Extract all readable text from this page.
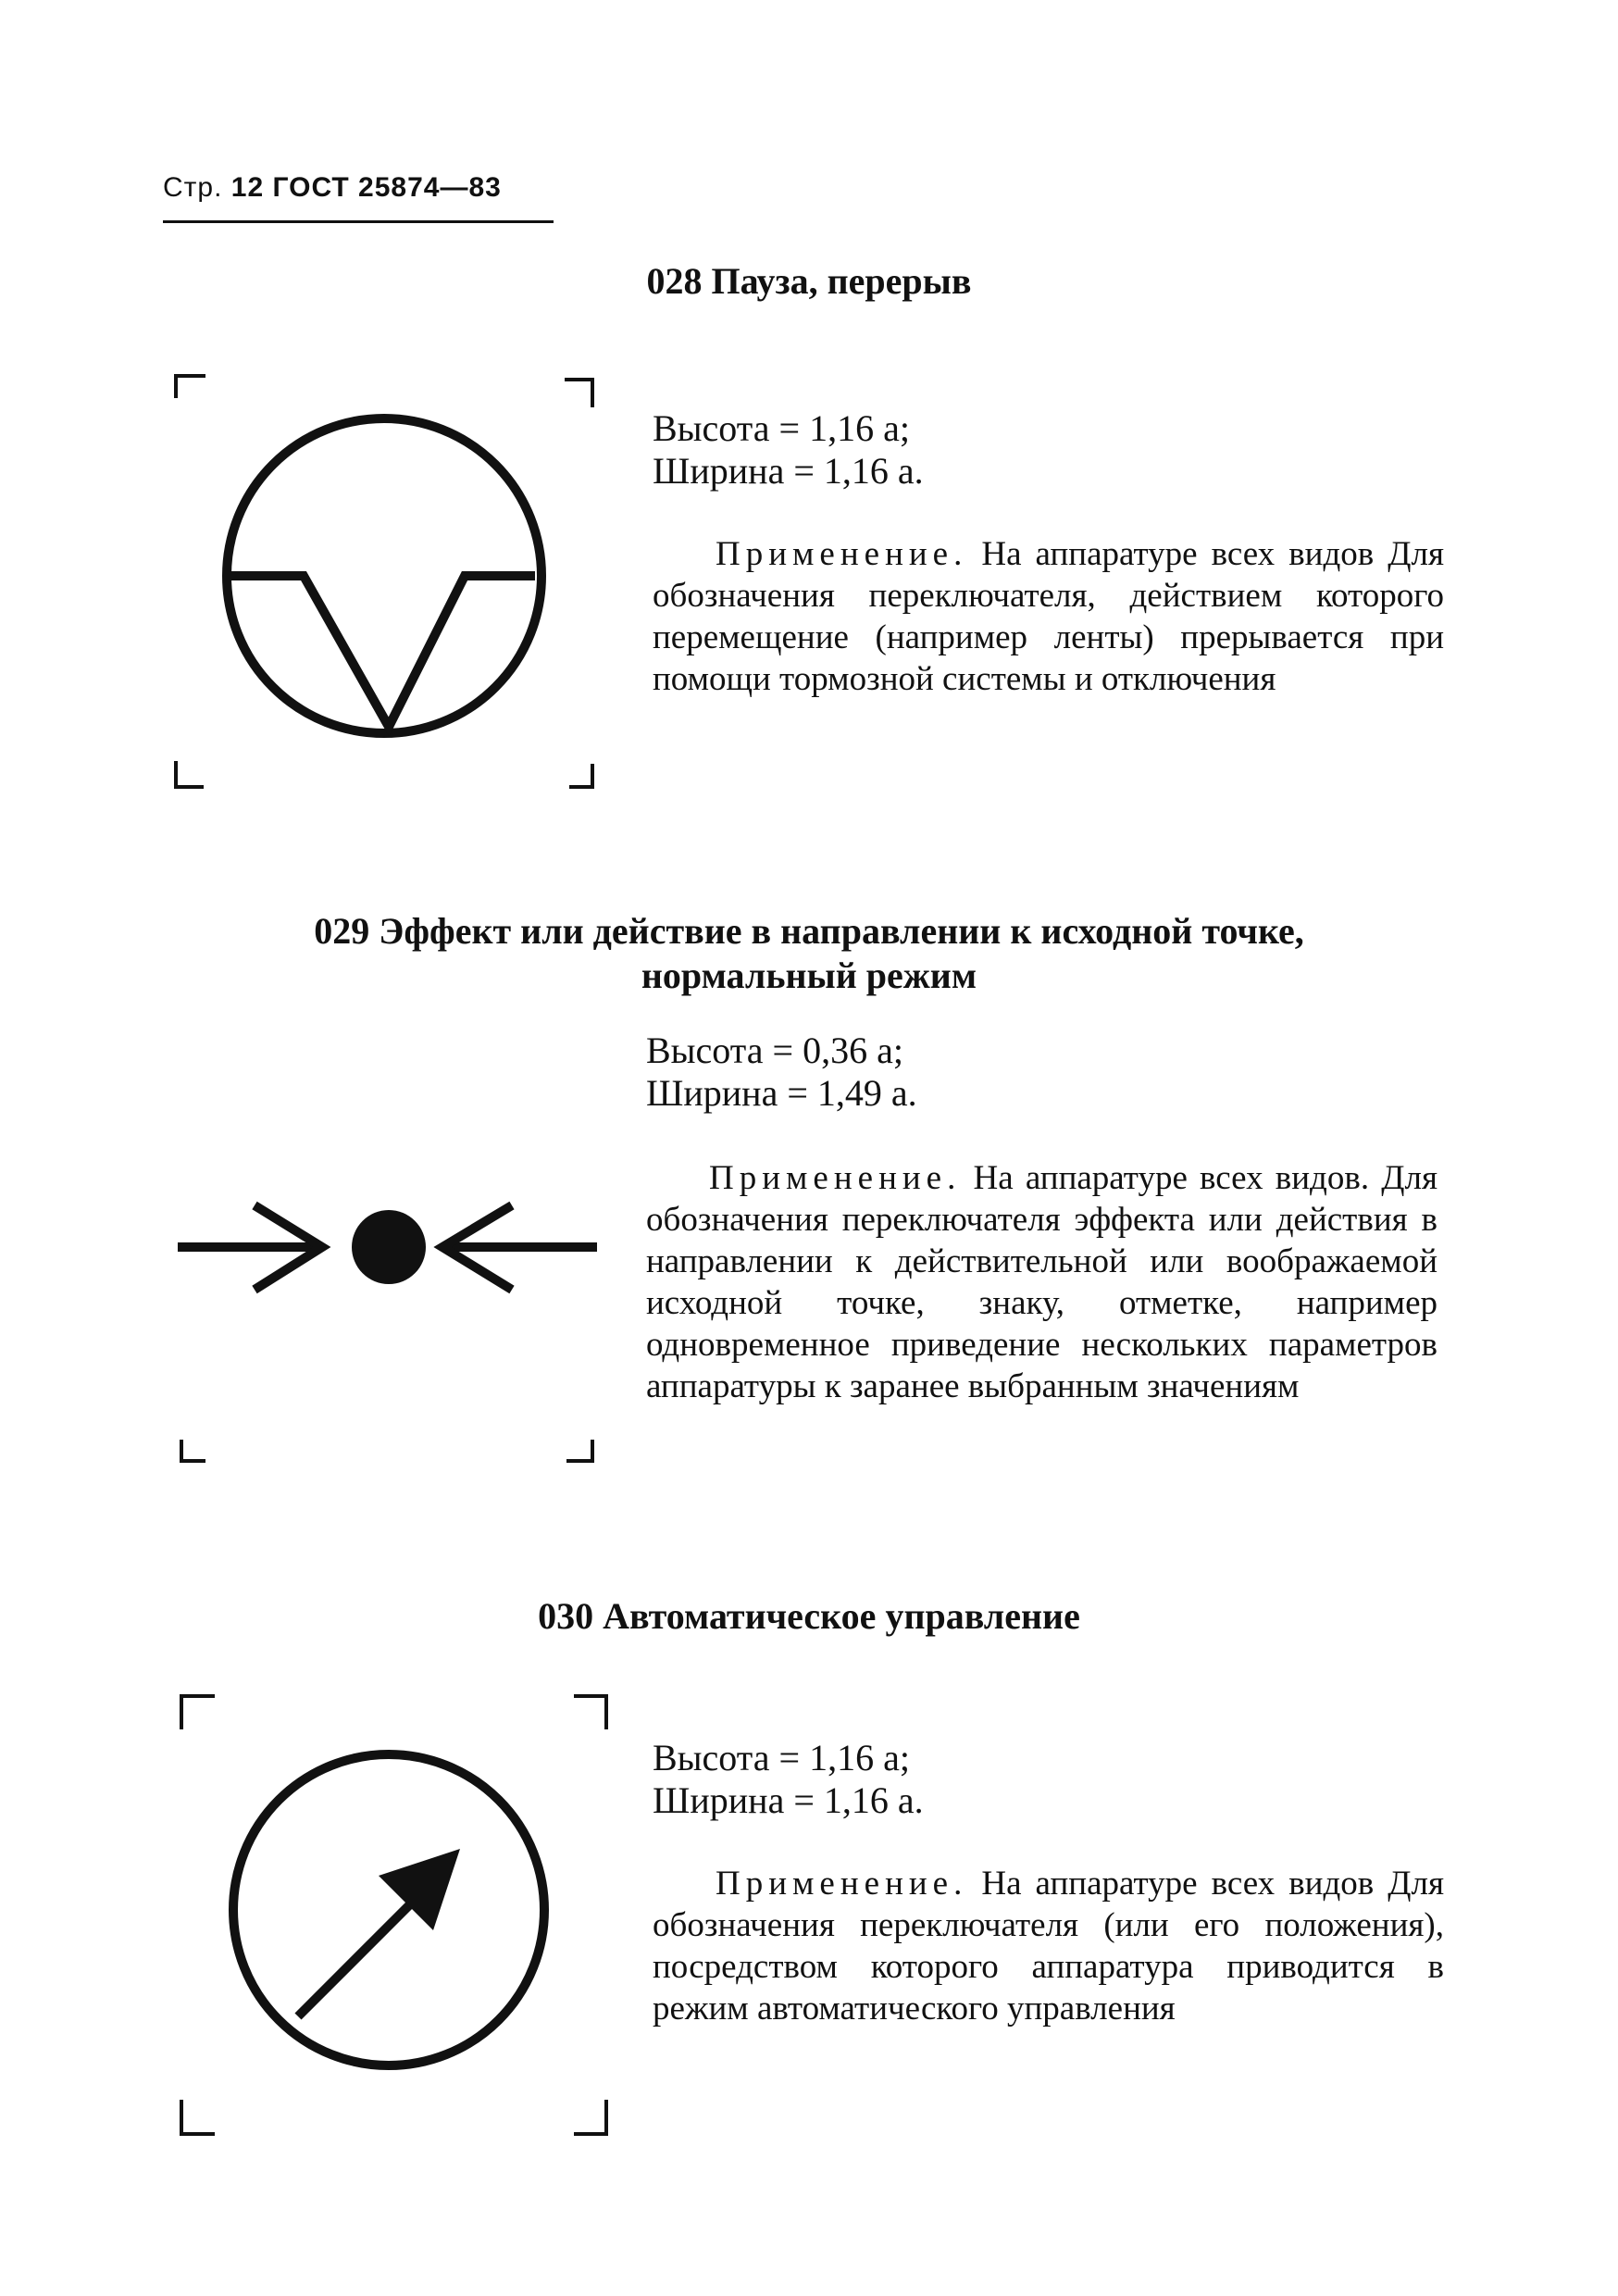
Стр. 12 ГОСТ 25874—83
028 Пауза, перерыв
Высота = 1,16 a;
Ширина = 1,16 a.
Применение. На аппаратуре всех видов Для обозначения переключателя, действием которого перемещение (например ленты) прерывается при помощи тормозной системы и отключения
029 Эффект или действие в направлении к исходной точке,
нормальный режим
Высота = 0,36 a;
Ширина = 1,49 a.
Применение. На аппаратуре всех видов. Для обозначения переключателя эффекта или действия в направлении к действительной или воображаемой исходной точке, знаку, отметке, например одновременное приведение нескольких параметров аппаратуры к заранее выбранным значениям
030 Автоматическое управление
Высота = 1,16 a;
Ширина = 1,16 a.
Применение. На аппаратуре всех видов Для обозначения переключателя (или его положения), посредством которого аппаратура приводится в режим автоматического управления
